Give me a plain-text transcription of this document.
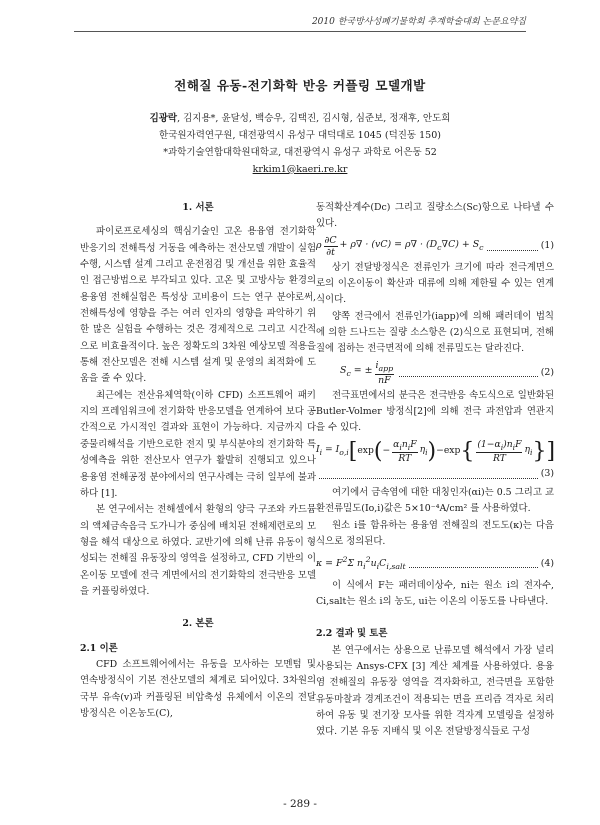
2010 한국방사성폐기물학회 추계학술대회 논문요약집
전해질 유동-전기화학 반응 커플링 모델개발
김광락, 김지용*, 윤달성, 백승우, 김택진, 김시형, 심준보, 정재후, 안도희
한국원자력연구원, 대전광역시 유성구 대덕대로 1045 (덕진동 150)
*과학기술연합대학원대학교, 대전광역시 유성구 과학로 어은동 52
krkim1@kaeri.re.kr
1. 서론

파이로프로세싱의 핵심기술인 고온 용융염 전기화학반응기의 전해특성 거동을 예측하는 전산모델 개발이 실험 수행, 시스템 설계 그리고 운전점검 및 개선을 위한 효율적인 접근방법으로 부각되고 있다. 고온 및 고방사능 환경의 용융염 전해실험은 특성상 고비용이 드는 연구 분야로써, 전해특성에 영향을 주는 여러 인자의 영향을 파악하기 위한 많은 실험을 수행하는 것은 경제적으로 그리고 시간적으로 비효율적이다. 높은 정확도의 3차원 예상모델 적용을 통해 전산모델은 전해 시스템 설계 및 운영의 최적화에 도움을 줄 수 있다.

최근에는 전산유체역학(이하 CFD) 소프트웨어 패키지의 프레임워크에 전기화학 반응모델을 연계하여 보다 공간적으로 가시적인 결과와 표현이 가능하다. 지금까지 다중물리해석을 기반으로한 전지 및 부식분야의 전기화학 특성예측을 위한 전산모사 연구가 활발히 진행되고 있으나 용융염 전해공정 분야에서의 연구사례는 극히 일부에 불과하다 [1].

본 연구에서는 전해셀에서 환형의 양극 구조와 카드뮴의 액체금속음극 도가니가 중심에 배치된 전해제련로의 모형을 해석 대상으로 하였다. 교반기에 의해 난류 유동이 형성되는 전해질 유동장의 영역을 설정하고, CFD 기반의 이온이동 모델에 전극 계면에서의 전기화학의 전극반응 모델을 커플링하였다.

2. 본론
2.1 이론

CFD 소프트웨어에서는 유동을 모사하는 모멘텀 및 연속방정식이 기본 전산모델의 체계로 되어있다. 3차원의 국부 유속(v)과 커플링된 비압축성 유체에서 이온의 전달방정식은 이온농도(C),

동적확산계수(Dc) 그리고 질량소스(Sc)항으로 나타낼 수 있다.

ρ $\frac{\partial C}{\partial t} + \rho\nabla \cdot (vC) = \rho\nabla \cdot (D_c\nabla C) + S_c$	(1)

상기 전달방정식은 전류인가 크기에 따라 전극계면으로의 이온이동이 확산과 대류에 의해 제한될 수 있는 연계식이다.

양쪽 전극에서 전류인가(iapp)에 의해 패러데이 법칙에 의한 드나드는 질량 소스항은 (2)식으로 표현되며, 전해질에 접하는 전극면적에 의해 전류밀도는 달라진다.

$S_c$ = ± $\frac{i_{app}}{nF}$	(2)

전극표면에서의 분극은 전극반응 속도식으로 일반화된 Butler-Volmer 방정식[2]에 의해 전극 과전압과 연관지을 수 있다.

$I_i = I_{o,i}$ [ exp ( − $\frac{\alpha_in_iF}{RT} \eta_i$ ) − exp { $\frac{(1-\alpha_i)n_iF}{RT} \eta_i$ }]
(3)

여기에서 금속염에 대한 대칭인자(αi)는 0.5 그리고 교환전류밀도(Io,i)값은 5×10⁻⁴A/cm² 를 사용하였다.

원소 i를 함유하는 용융염 전해질의 전도도(κ)는 다음 식으로 정의된다.

$\kappa = F^2\Sigma$ $n_i^2u_iC_{i,salt}$	(4)

이 식에서 F는 패러데이상수, ni는 원소 i의 전자수, Ci,salt는 원소 i의 농도, ui는 이온의 이동도를 나타낸다.

2.2 결과 및 토론

본 연구에서는 상용으로 난류모델 해석에서 가장 널리 사용되는 Ansys-CFX [3] 계산 체계를 사용하였다. 용융염 전해질의 유동장 영역을 격자화하고, 전극면을 포함한 유동마찰과 경계조건이 적용되는 면을 프리즘 격자로 처리하여 유동 및 전기장 모사를 위한 격자계 모델링을 설정하였다. 기본 유동 지배식 및 이온 전달방정식들로 구성

- 289 -
